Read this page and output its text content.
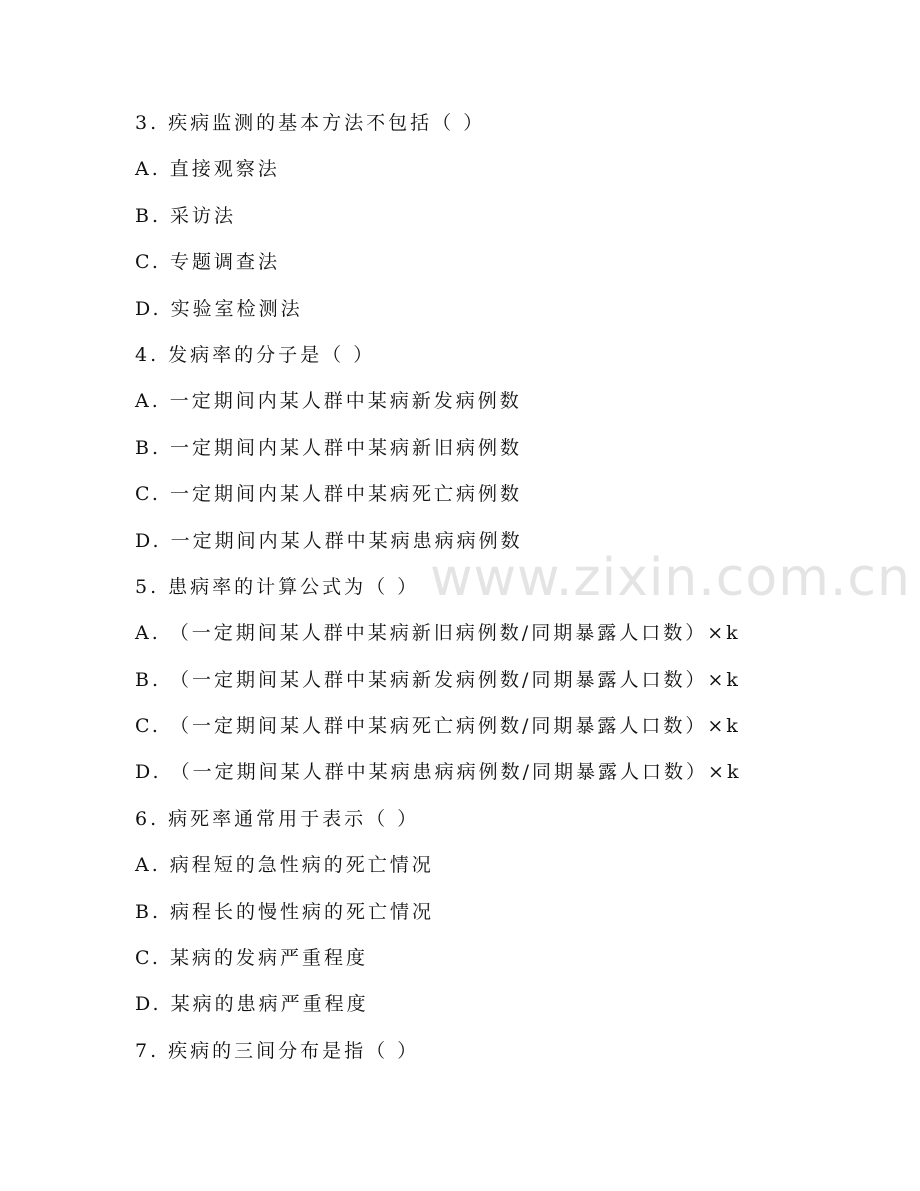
3. 疾病监测的基本方法不包括（ ）
A. 直接观察法
B. 采访法
C. 专题调查法
D. 实验室检测法
4. 发病率的分子是（ ）
A. 一定期间内某人群中某病新发病例数
B. 一定期间内某人群中某病新旧病例数
C. 一定期间内某人群中某病死亡病例数
D. 一定期间内某人群中某病患病病例数
5. 患病率的计算公式为（ ）
A. （一定期间某人群中某病新旧病例数/同期暴露人口数）×k
B. （一定期间某人群中某病新发病例数/同期暴露人口数）×k
C. （一定期间某人群中某病死亡病例数/同期暴露人口数）×k
D. （一定期间某人群中某病患病病例数/同期暴露人口数）×k
6. 病死率通常用于表示（ ）
A. 病程短的急性病的死亡情况
B. 病程长的慢性病的死亡情况
C. 某病的发病严重程度
D. 某病的患病严重程度
7. 疾病的三间分布是指（ ）
www.zixin.com.cn
